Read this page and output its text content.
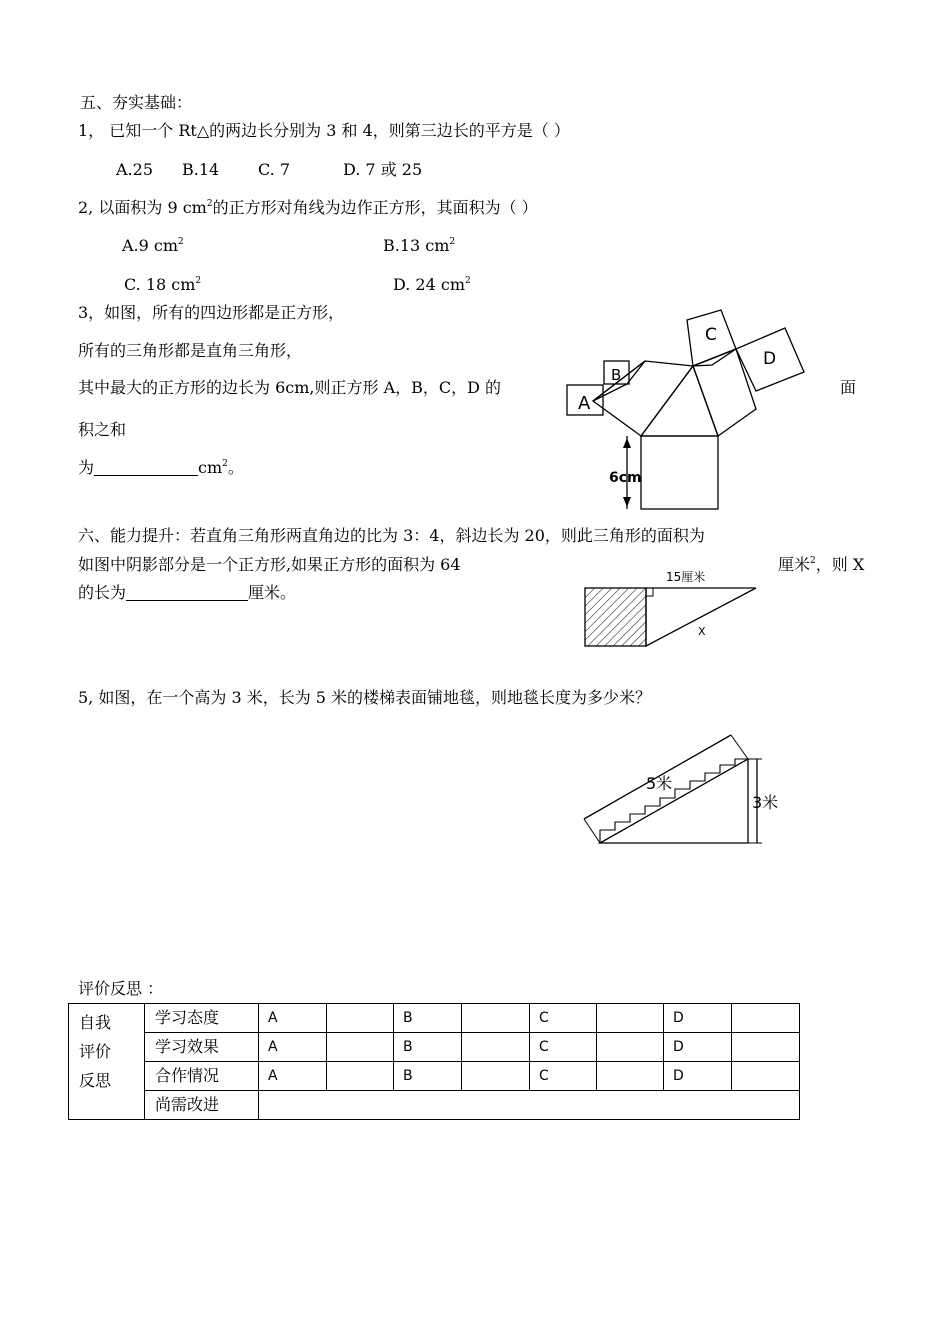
五、夯实基础：
1， 已知一个 Rt△的两边长分别为 3 和 4，则第三边长的平方是（ ）
A.25 B.14 C. 7	D. 7 或 25
2, 以面积为 9 $cm^2$的正方形对角线为边作正方形，其面积为（ ）
A.9 $cm^2$	B.13 $cm^2$
C. 18 $cm^2$	D. 24 $cm^2$
3，如图，所有的四边形都是正方形，
所有的三角形都是直角三角形，
其中最大的正方形的边长为 6cm,则正方形 A，B，C，D 的	面
积之和
为	$cm^2$。
A
B
C
D
6cm
六、能力提升：若直角三角形两直角边的比为 3：4，斜边长为 20，则此三角形的面积为
如图中阴影部分是一个正方形,如果正方形的面积为 64	厘米$^2$，则 X
的长为	厘米。
15厘米
X
5, 如图，在一个高为 3 米，长为 5 米的楼梯表面铺地毯，则地毯长度为多少米？
5米
3米
评价反思 ：
自我
评价
反思	学习态度	A		B		C		D	
	学习效果	A		B		C		D	
	合作情况	A		B		C		D	
	尚需改进								
